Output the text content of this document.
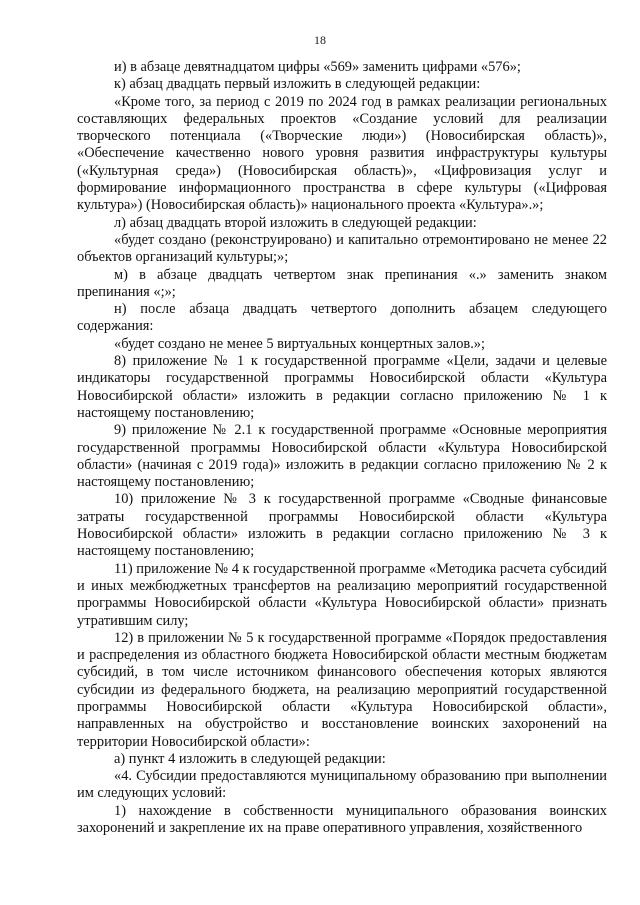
18

и) в абзаце девятнадцатом цифры «569» заменить цифрами «576»;

к) абзац двадцать первый изложить в следующей редакции:

«Кроме того, за период с 2019 по 2024 год в рамках реализации региональных составляющих федеральных проектов «Создание условий для реализации творческого потенциала («Творческие люди») (Новосибирская область)», «Обеспечение качественно нового уровня развития инфраструктуры культуры («Культурная среда») (Новосибирская область)», «Цифровизация услуг и формирование информационного пространства в сфере культуры («Цифровая культура») (Новосибирская область)» национального проекта «Культура».»;

л) абзац двадцать второй изложить в следующей редакции:

«будет создано (реконструировано) и капитально отремонтировано не менее 22 объектов организаций культуры;»;

м) в абзаце двадцать четвертом знак препинания «.» заменить знаком препинания «;»;

н) после абзаца двадцать четвертого дополнить абзацем следующего содержания:

«будет создано не менее 5 виртуальных концертных залов.»;

8) приложение № 1 к государственной программе «Цели, задачи и целевые индикаторы государственной программы Новосибирской области «Культура Новосибирской области» изложить в редакции согласно приложению № 1 к настоящему постановлению;

9) приложение № 2.1 к государственной программе «Основные мероприятия государственной программы Новосибирской области «Культура Новосибирской области» (начиная с 2019 года)» изложить в редакции согласно приложению № 2 к настоящему постановлению;

10) приложение № 3 к государственной программе «Сводные финансовые затраты государственной программы Новосибирской области «Культура Новосибирской области» изложить в редакции согласно приложению № 3 к настоящему постановлению;

11) приложение № 4 к государственной программе «Методика расчета субсидий и иных межбюджетных трансфертов на реализацию мероприятий государственной программы Новосибирской области «Культура Новосибирской области» признать утратившим силу;

12) в приложении № 5 к государственной программе «Порядок предоставления и распределения из областного бюджета Новосибирской области местным бюджетам субсидий, в том числе источником финансового обеспечения которых являются субсидии из федерального бюджета, на реализацию мероприятий государственной программы Новосибирской области «Культура Новосибирской области», направленных на обустройство и восстановление воинских захоронений на территории Новосибирской области»:

а) пункт 4 изложить в следующей редакции:

«4. Субсидии предоставляются муниципальному образованию при выполнении им следующих условий:

1) нахождение в собственности муниципального образования воинских захоронений и закрепление их на праве оперативного управления, хозяйственного
